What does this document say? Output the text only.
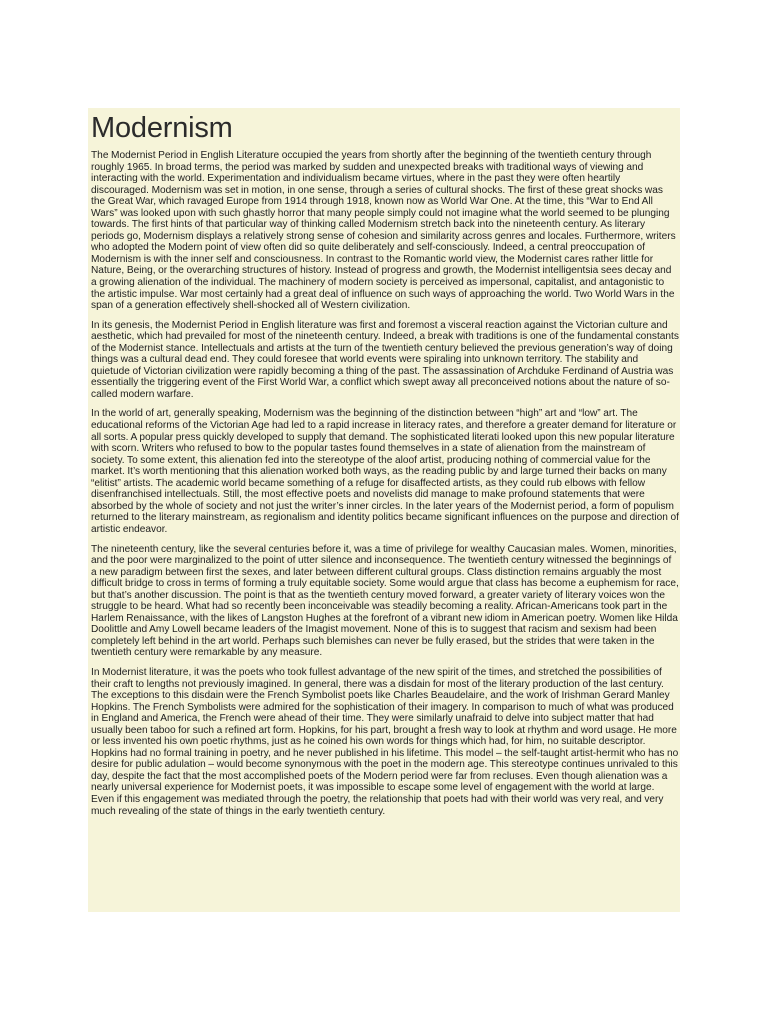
Modernism

The Modernist Period in English Literature occupied the years from shortly after the beginning of the twentieth century through roughly 1965. In broad terms, the period was marked by sudden and unexpected breaks with traditional ways of viewing and interacting with the world. Experimentation and individualism became virtues, where in the past they were often heartily discouraged. Modernism was set in motion, in one sense, through a series of cultural shocks. The first of these great shocks was the Great War, which ravaged Europe from 1914 through 1918, known now as World War One. At the time, this “War to End All Wars” was looked upon with such ghastly horror that many people simply could not imagine what the world seemed to be plunging towards. The first hints of that particular way of thinking called Modernism stretch back into the nineteenth century. As literary periods go, Modernism displays a relatively strong sense of cohesion and similarity across genres and locales. Furthermore, writers who adopted the Modern point of view often did so quite deliberately and self-consciously. Indeed, a central preoccupation of Modernism is with the inner self and consciousness. In contrast to the Romantic world view, the Modernist cares rather little for Nature, Being, or the overarching structures of history. Instead of progress and growth, the Modernist intelligentsia sees decay and a growing alienation of the individual. The machinery of modern society is perceived as impersonal, capitalist, and antagonistic to the artistic impulse. War most certainly had a great deal of influence on such ways of approaching the world. Two World Wars in the span of a generation effectively shell-shocked all of Western civilization.

In its genesis, the Modernist Period in English literature was first and foremost a visceral reaction against the Victorian culture and aesthetic, which had prevailed for most of the nineteenth century. Indeed, a break with traditions is one of the fundamental constants of the Modernist stance. Intellectuals and artists at the turn of the twentieth century believed the previous generation’s way of doing things was a cultural dead end. They could foresee that world events were spiraling into unknown territory. The stability and quietude of Victorian civilization were rapidly becoming a thing of the past. The assassination of Archduke Ferdinand of Austria was essentially the triggering event of the First World War, a conflict which swept away all preconceived notions about the nature of so-called modern warfare.

In the world of art, generally speaking, Modernism was the beginning of the distinction between “high” art and “low” art. The educational reforms of the Victorian Age had led to a rapid increase in literacy rates, and therefore a greater demand for literature or all sorts. A popular press quickly developed to supply that demand. The sophisticated literati looked upon this new popular literature with scorn. Writers who refused to bow to the popular tastes found themselves in a state of alienation from the mainstream of society. To some extent, this alienation fed into the stereotype of the aloof artist, producing nothing of commercial value for the market. It’s worth mentioning that this alienation worked both ways, as the reading public by and large turned their backs on many “elitist” artists. The academic world became something of a refuge for disaffected artists, as they could rub elbows with fellow disenfranchised intellectuals. Still, the most effective poets and novelists did manage to make profound statements that were absorbed by the whole of society and not just the writer’s inner circles. In the later years of the Modernist period, a form of populism returned to the literary mainstream, as regionalism and identity politics became significant influences on the purpose and direction of artistic endeavor.

The nineteenth century, like the several centuries before it, was a time of privilege for wealthy Caucasian males. Women, minorities, and the poor were marginalized to the point of utter silence and inconsequence. The twentieth century witnessed the beginnings of a new paradigm between first the sexes, and later between different cultural groups. Class distinction remains arguably the most difficult bridge to cross in terms of forming a truly equitable society. Some would argue that class has become a euphemism for race, but that’s another discussion. The point is that as the twentieth century moved forward, a greater variety of literary voices won the struggle to be heard. What had so recently been inconceivable was steadily becoming a reality. African-Americans took part in the Harlem Renaissance, with the likes of Langston Hughes at the forefront of a vibrant new idiom in American poetry. Women like Hilda Doolittle and Amy Lowell became leaders of the Imagist movement. None of this is to suggest that racism and sexism had been completely left behind in the art world. Perhaps such blemishes can never be fully erased, but the strides that were taken in the twentieth century were remarkable by any measure.

In Modernist literature, it was the poets who took fullest advantage of the new spirit of the times, and stretched the possibilities of their craft to lengths not previously imagined. In general, there was a disdain for most of the literary production of the last century. The exceptions to this disdain were the French Symbolist poets like Charles Beaudelaire, and the work of Irishman Gerard Manley Hopkins. The French Symbolists were admired for the sophistication of their imagery. In comparison to much of what was produced in England and America, the French were ahead of their time. They were similarly unafraid to delve into subject matter that had usually been taboo for such a refined art form. Hopkins, for his part, brought a fresh way to look at rhythm and word usage. He more or less invented his own poetic rhythms, just as he coined his own words for things which had, for him, no suitable descriptor. Hopkins had no formal training in poetry, and he never published in his lifetime. This model – the self-taught artist-hermit who has no desire for public adulation – would become synonymous with the poet in the modern age. This stereotype continues unrivaled to this day, despite the fact that the most accomplished poets of the Modern period were far from recluses. Even though alienation was a nearly universal experience for Modernist poets, it was impossible to escape some level of engagement with the world at large. Even if this engagement was mediated through the poetry, the relationship that poets had with their world was very real, and very much revealing of the state of things in the early twentieth century.
